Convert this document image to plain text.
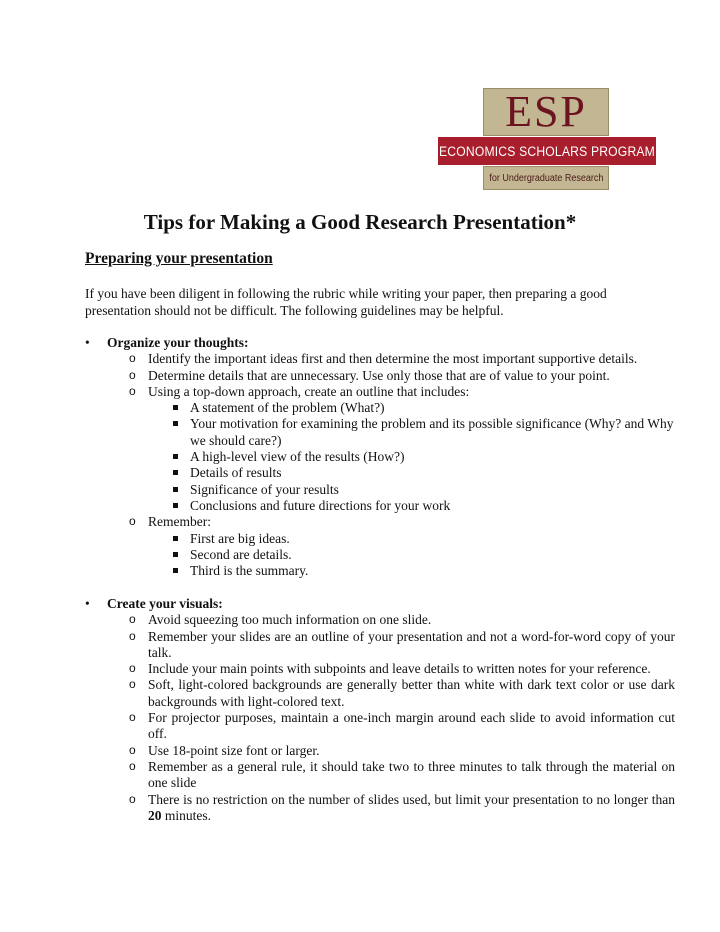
ESP
ECONOMICS SCHOLARS PROGRAM
for Undergraduate Research
Tips for Making a Good Research Presentation*
Preparing your presentation

If you have been diligent in following the rubric while writing your paper, then preparing a good presentation should not be difficult. The following guidelines may be helpful.

• Organize your thoughts:
o Identify the important ideas first and then determine the most important supportive details.
o Determine details that are unnecessary. Use only those that are of value to your point.
o Using a top-down approach, create an outline that includes:
A statement of the problem (What?)
Your motivation for examining the problem and its possible significance (Why? and Why we should care?)
A high-level view of the results (How?)
Details of results
Significance of your results
Conclusions and future directions for your work
o Remember:
First are big ideas.
Second are details.
Third is the summary.
• Create your visuals:
o Avoid squeezing too much information on one slide.
o Remember your slides are an outline of your presentation and not a word-for-word copy of your talk.
o Include your main points with subpoints and leave details to written notes for your reference.
o Soft, light-colored backgrounds are generally better than white with dark text color or use dark backgrounds with light-colored text.
o For projector purposes, maintain a one-inch margin around each slide to avoid information cut off.
o Use 18-point size font or larger.
o Remember as a general rule, it should take two to three minutes to talk through the material on one slide
o There is no restriction on the number of slides used, but limit your presentation to no longer than 20 minutes.
